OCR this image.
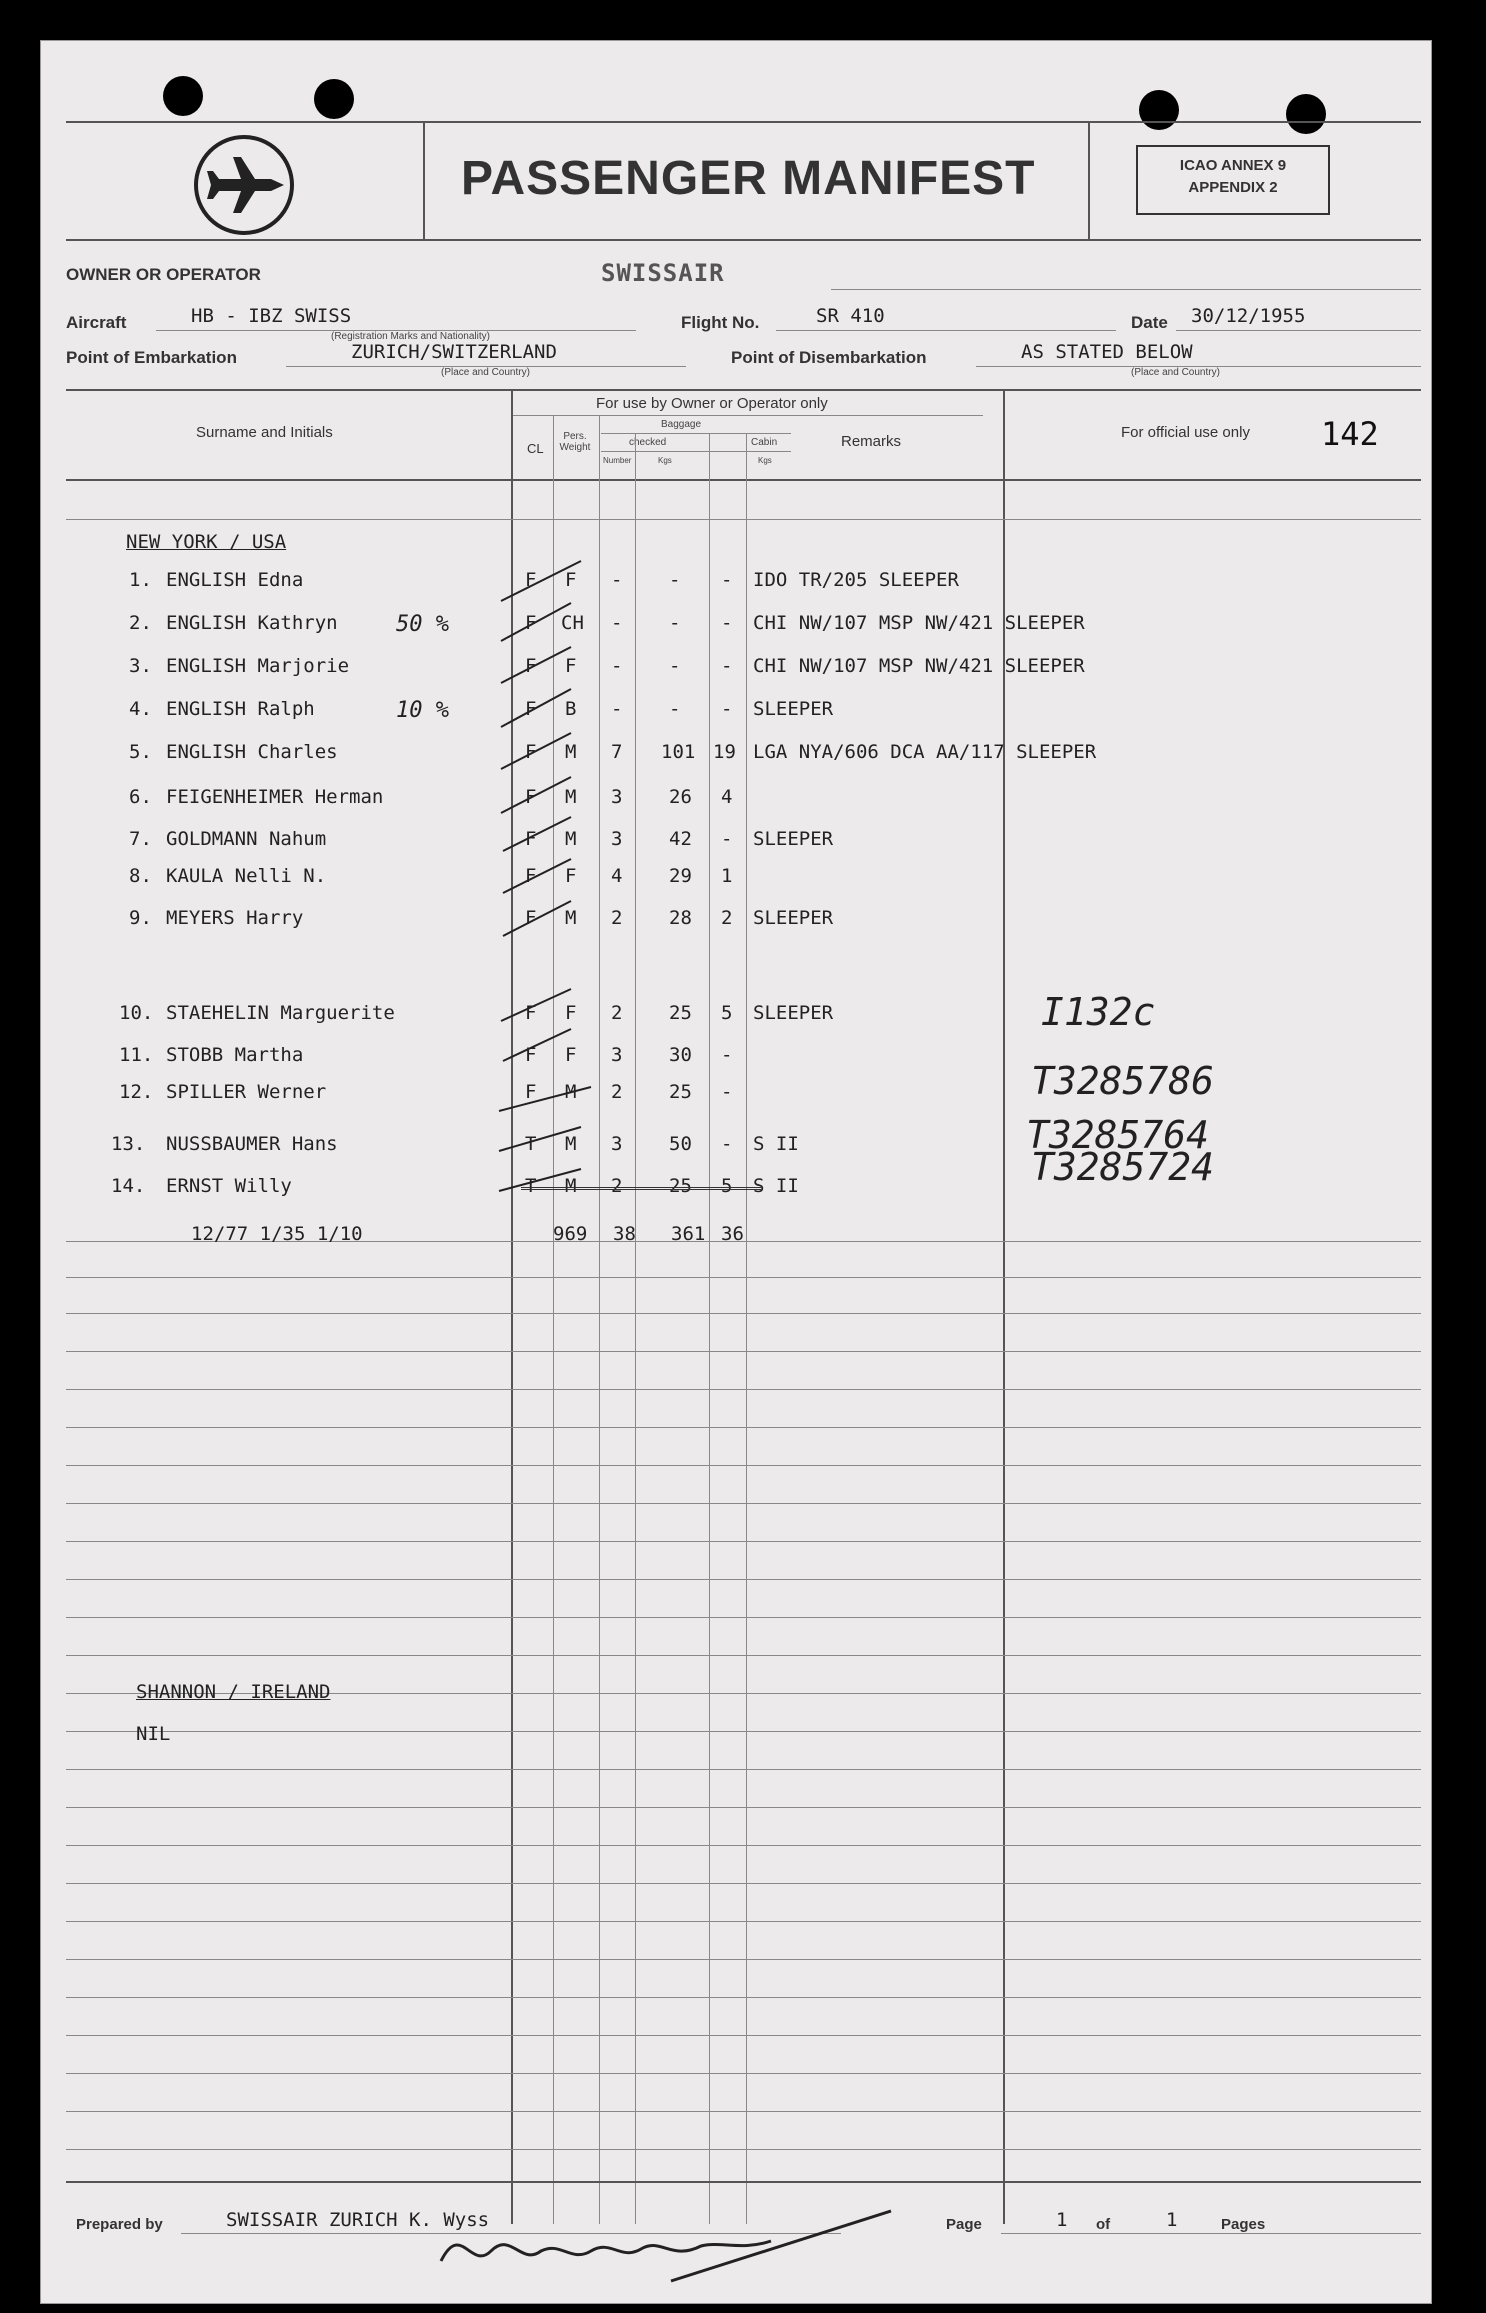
PASSENGER MANIFEST	ICAO ANNEX 9
APPENDIX 2
OWNER OR OPERATOR	SWISSAIR
Aircraft	HB - IBZ SWISS
(Registration Marks and Nationality)
Flight No.	SR 410	Date 30/12/1955
Point of Embarkation	ZURICH/SWITZERLAND
(Place and Country)
Point of Disembarkation	AS STATED BELOW
(Place and Country)
Surname and Initials
For use by Owner or Operator only
CL
Pers. Weight
Baggage
checked	Cabin
Number	Kgs	Kgs
Remarks
For official use only 142
NEW YORK / USA
1. ENGLISH Edna	F F - - - IDO TR/205 SLEEPER
2. ENGLISH Kathryn	50 %	F CH - - - CHI NW/107 MSP NW/421 SLEEPER
3. ENGLISH Marjorie	F F - - - CHI NW/107 MSP NW/421 SLEEPER
4. ENGLISH Ralph	10 %	F B - - - SLEEPER
5. ENGLISH Charles	F M 7 101 19 LGA NYA/606 DCA AA/117 SLEEPER
6. FEIGENHEIMER Herman	F M 3 26 4
7. GOLDMANN Nahum	F M 3 42 - SLEEPER
8. KAULA Nelli N.	F F 4 29 1
9. MEYERS Harry	F M 2 28 2 SLEEPER
10. STAEHELIN Marguerite	F F 2 25 5 SLEEPER	I132c
11. STOBB Martha	F F 3 30 -
12. SPILLER Werner	F M 2 25 -	T3285786
13. NUSSBAUMER Hans	T M 3 50 - S II	T3285764
14. ERNST Willy	T M 2 25 5 S II	T3285724
12/77 1/35 1/10	969 38 361 36
SHANNON / IRELAND
NIL
Prepared by	SWISSAIR ZURICH K. Wyss	Page	1 of	1	Pages
